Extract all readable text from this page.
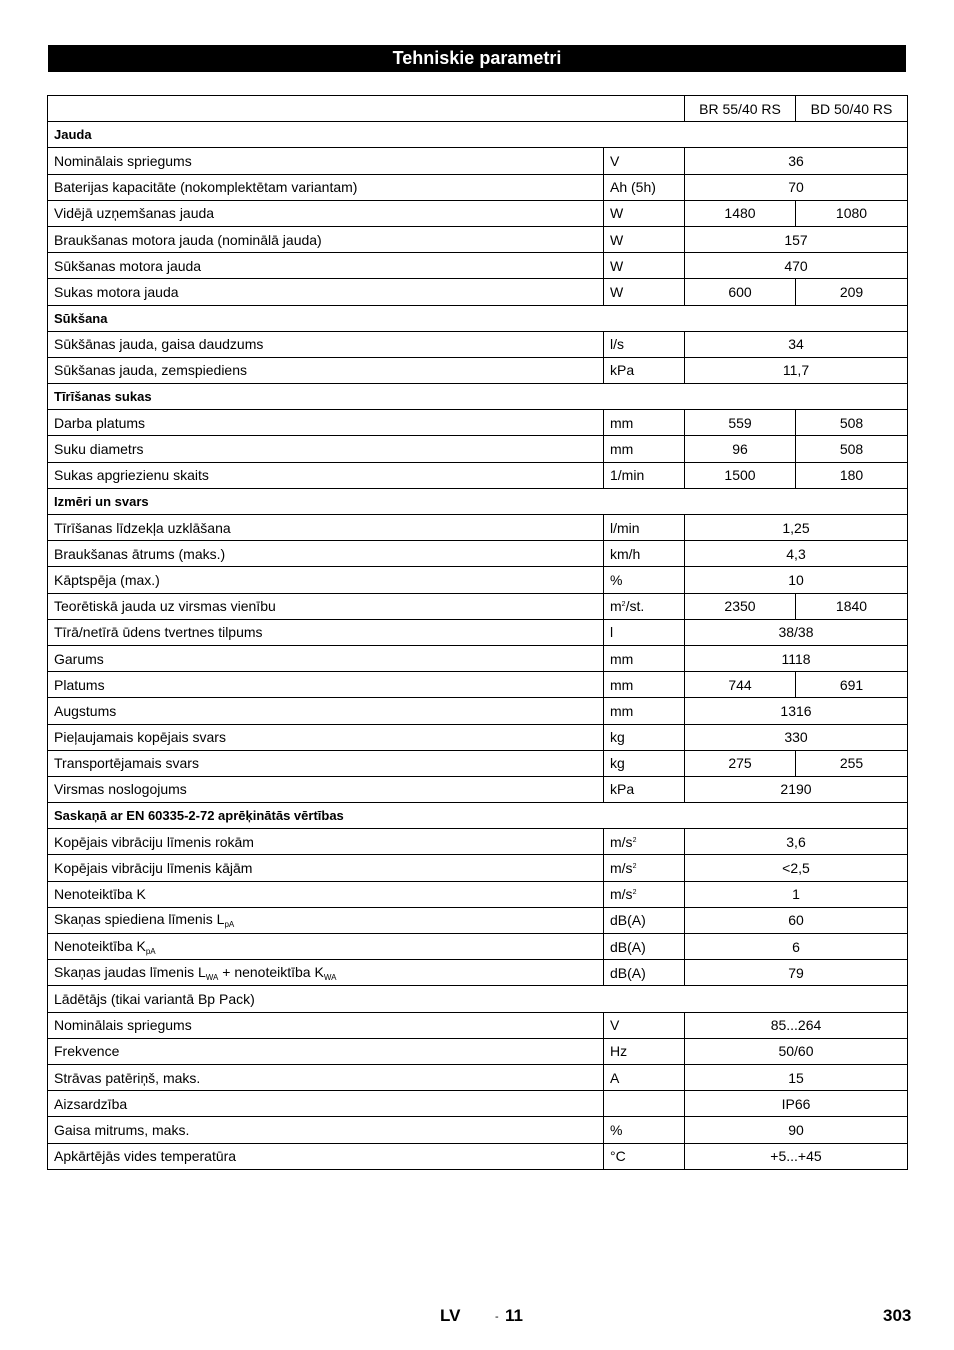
Tehniskie parametri
		BR 55/40 RS	BD 50/40 RS
Jauda			
Nominālais spriegums	V	36	
Baterijas kapacitāte (nokomplektētam variantam)	Ah (5h)	70	
Vidējā uzņemšanas jauda	W	1480	1080
Braukšanas motora jauda (nominālā jauda)	W	157	
Sūkšanas motora jauda	W	470	
Sukas motora jauda	W	600	209
Sūkšana			
Sūkšānas jauda, gaisa daudzums	l/s	34	
Sūkšanas jauda, zemspiediens	kPa	11,7	
Tīrīšanas sukas			
Darba platums	mm	559	508
Suku diametrs	mm	96	508
Sukas apgriezienu skaits	1/min	1500	180
Izmēri un svars			
Tīrīšanas līdzekļa uzklāšana	l/min	1,25	
Braukšanas ātrums (maks.)	km/h	4,3	
Kāptspēja (max.)	%	10	
Teorētiskā jauda uz virsmas vienību	$m^2/st$.	2350	1840
Tīrā/netīrā ūdens tvertnes tilpums	l	38/38	
Garums	mm	1118	
Platums	mm	744	691
Augstums	mm	1316	
Pieļaujamais kopējais svars	kg	330	
Transportējamais svars	kg	275	255
Virsmas noslogojums	kPa	2190	
Saskaņā ar EN 60335-2-72 aprēķinātās vērtības			
Kopējais vibrāciju līmenis rokām	$m/s^2$	3,6	
Kopējais vibrāciju līmenis kājām	$m/s^2$	<2,5	
Nenoteiktība K	$m/s^2$	1	
Skaņas spiediena līmenis $L_{pA}$	dB(A)	60	
Nenoteiktība $K_{pA}$	dB(A)	6	
Skaņas jaudas līmenis $L_{WA}$ + nenoteiktība $K_{WA}$	dB(A)	79	
Lādētājs (tikai variantā Bp Pack)			
Nominālais spriegums	V	85...264	
Frekvence	Hz	50/60	
Strāvas patēriņš, maks.	A	15	
Aizsardzība		IP66	
Gaisa mitrums, maks.	%	90	
Apkārtējās vides temperatūra	°C	+5...+45	
LV	- 11	303
